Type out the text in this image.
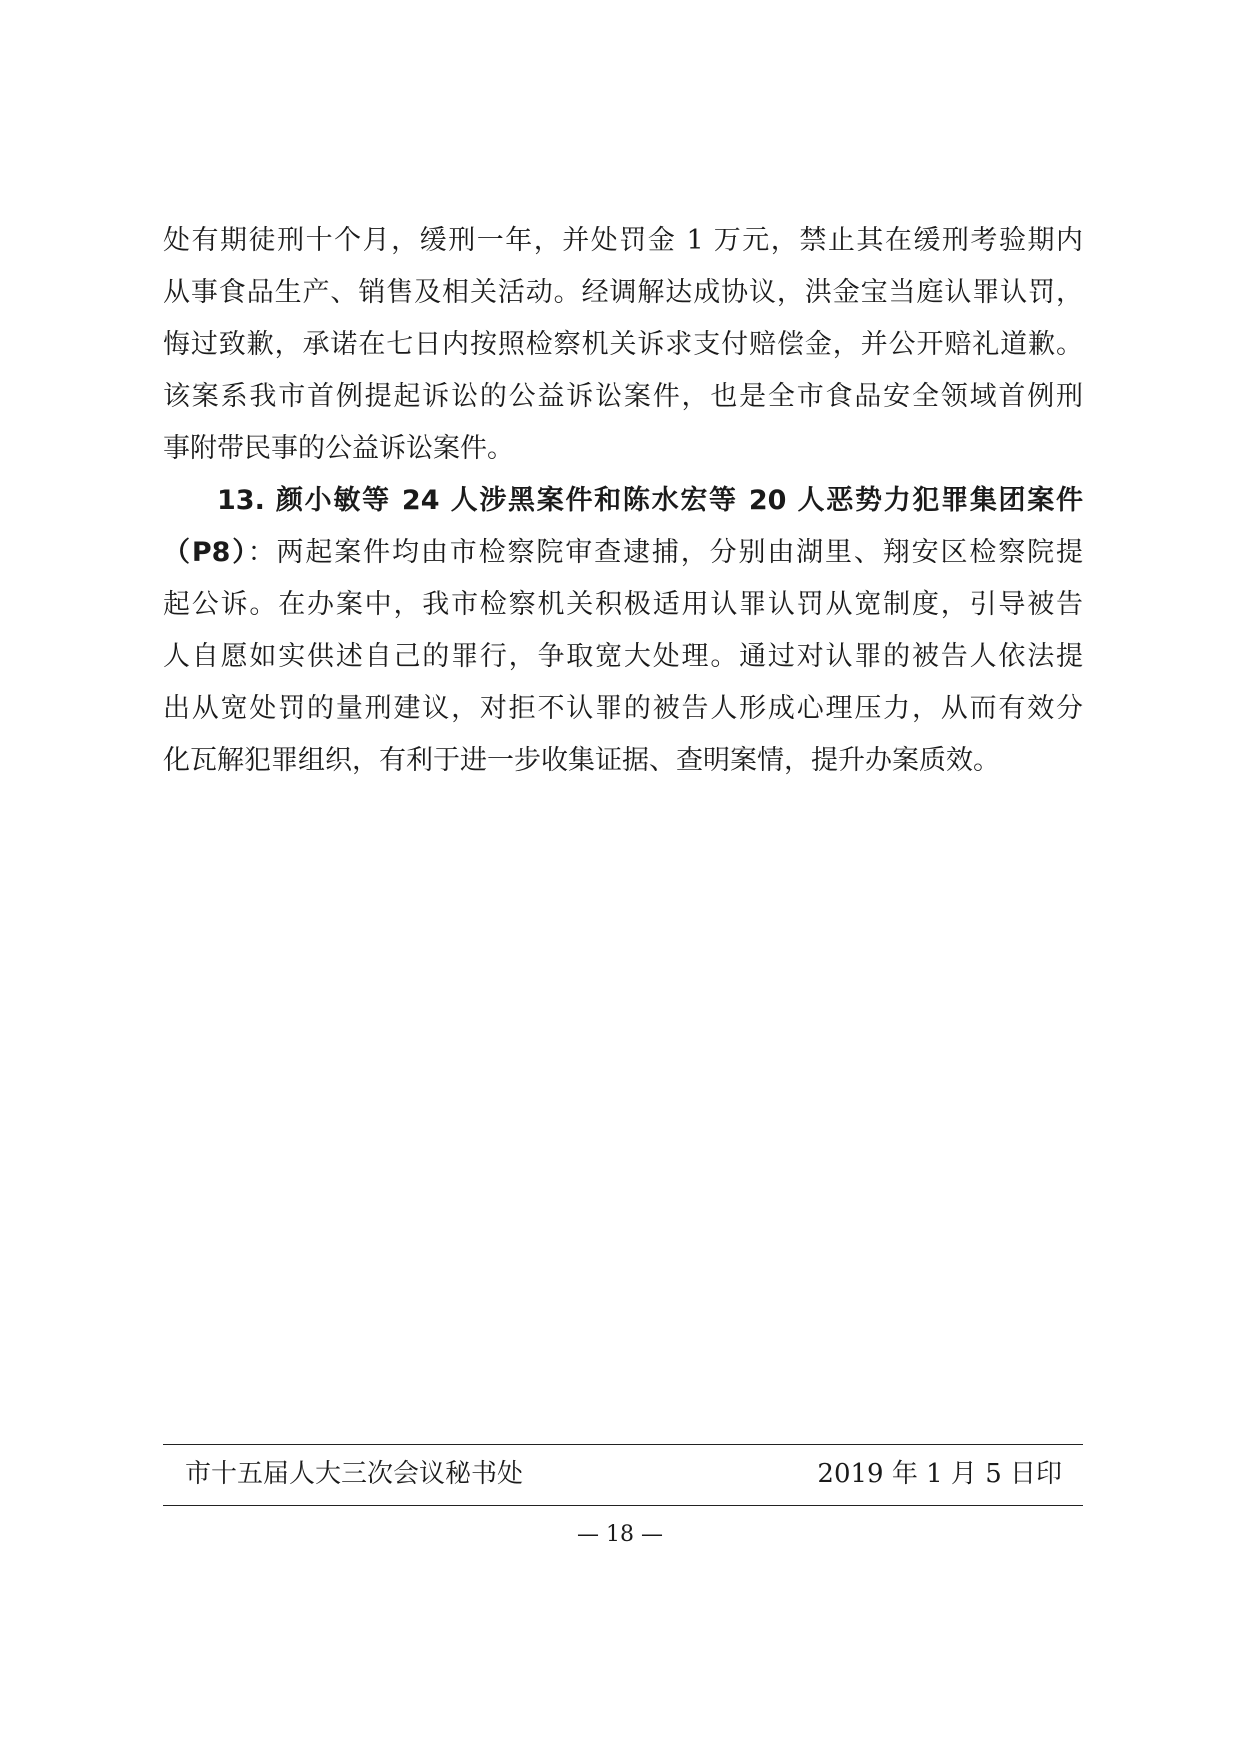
处有期徒刑十个月，缓刑一年，并处罚金 1 万元，禁止其在缓刑考验期内
从事食品生产、销售及相关活动。经调解达成协议，洪金宝当庭认罪认罚，
悔过致歉，承诺在七日内按照检察机关诉求支付赔偿金，并公开赔礼道歉。
该案系我市首例提起诉讼的公益诉讼案件，也是全市食品安全领域首例刑
事附带民事的公益诉讼案件。
13. 颜小敏等 24 人涉黑案件和陈水宏等 20 人恶势力犯罪集团案件
（P8）：两起案件均由市检察院审查逮捕，分别由湖里、翔安区检察院提
起公诉。在办案中，我市检察机关积极适用认罪认罚从宽制度，引导被告
人自愿如实供述自己的罪行，争取宽大处理。通过对认罪的被告人依法提
出从宽处罚的量刑建议，对拒不认罪的被告人形成心理压力，从而有效分
化瓦解犯罪组织，有利于进一步收集证据、查明案情，提升办案质效。
市十五届人大三次会议秘书处	2019 年 1 月 5 日印
— 18 —
